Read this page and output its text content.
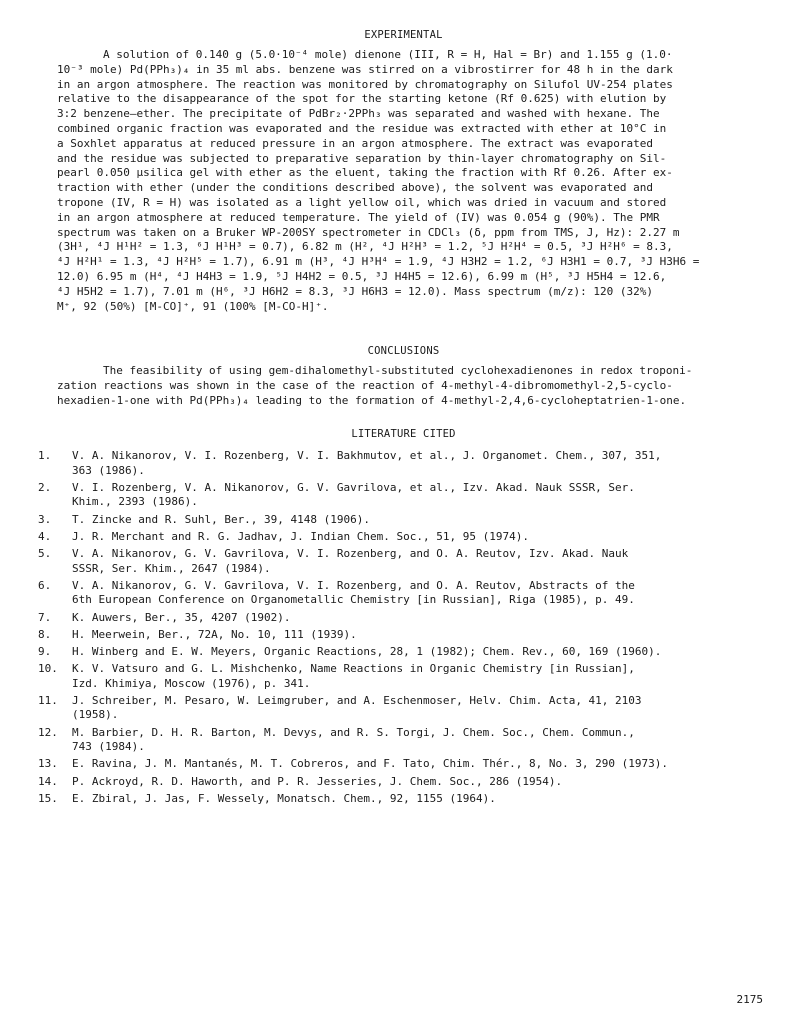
EXPERIMENTAL
A solution of 0.140 g (5.0·10⁻⁴ mole) dienone (III, R = H, Hal = Br) and 1.155 g (1.0·
10⁻³ mole) Pd(PPh₃)₄ in 35 ml abs. benzene was stirred on a vibrostirrer for 48 h in the dark
in an argon atmosphere. The reaction was monitored by chromatography on Silufol UV-254 plates
relative to the disappearance of the spot for the starting ketone (Rf 0.625) with elution by
3:2 benzene—ether. The precipitate of PdBr₂·2PPh₃ was separated and washed with hexane. The
combined organic fraction was evaporated and the residue was extracted with ether at 10°C in
a Soxhlet apparatus at reduced pressure in an argon atmosphere. The extract was evaporated
and the residue was subjected to preparative separation by thin-layer chromatography on Sil-
pearl 0.050 μsilica gel with ether as the eluent, taking the fraction with Rf 0.26. After ex-
traction with ether (under the conditions described above), the solvent was evaporated and
tropone (IV, R = H) was isolated as a light yellow oil, which was dried in vacuum and stored
in an argon atmosphere at reduced temperature. The yield of (IV) was 0.054 g (90%). The PMR
spectrum was taken on a Bruker WP-200SY spectrometer in CDCl₃ (δ, ppm from TMS, J, Hz): 2.27 m
(3H¹, ⁴J H¹H² = 1.3, ⁶J H¹H³ = 0.7), 6.82 m (H², ⁴J H²H³ = 1.2, ⁵J H²H⁴ = 0.5, ³J H²H⁶ = 8.3,
⁴J H²H¹ = 1.3, ⁴J H²H⁵ = 1.7), 6.91 m (H³, ⁴J H³H⁴ = 1.9, ⁴J H3H2 = 1.2, ⁶J H3H1 = 0.7, ³J H3H6 =
12.0) 6.95 m (H⁴, ⁴J H4H3 = 1.9, ⁵J H4H2 = 0.5, ³J H4H5 = 12.6), 6.99 m (H⁵, ³J H5H4 = 12.6,
⁴J H5H2 = 1.7), 7.01 m (H⁶, ³J H6H2 = 8.3, ³J H6H3 = 12.0). Mass spectrum (m/z): 120 (32%)
M⁺, 92 (50%) [M-CO]⁺, 91 (100% [M-CO-H]⁺.
CONCLUSIONS
The feasibility of using gem-dihalomethyl-substituted cyclohexadienones in redox troponi-
zation reactions was shown in the case of the reaction of 4-methyl-4-dibromomethyl-2,5-cyclo-
hexadien-1-one with Pd(PPh₃)₄ leading to the formation of 4-methyl-2,4,6-cycloheptatrien-1-one.
LITERATURE CITED
1.	V. A. Nikanorov, V. I. Rozenberg, V. I. Bakhmutov, et al., J. Organomet. Chem., 307, 351,
363 (1986).
2.	V. I. Rozenberg, V. A. Nikanorov, G. V. Gavrilova, et al., Izv. Akad. Nauk SSSR, Ser.
Khim., 2393 (1986).
3.	T. Zincke and R. Suhl, Ber., 39, 4148 (1906).
4.	J. R. Merchant and R. G. Jadhav, J. Indian Chem. Soc., 51, 95 (1974).
5.	V. A. Nikanorov, G. V. Gavrilova, V. I. Rozenberg, and O. A. Reutov, Izv. Akad. Nauk
SSSR, Ser. Khim., 2647 (1984).
6.	V. A. Nikanorov, G. V. Gavrilova, V. I. Rozenberg, and O. A. Reutov, Abstracts of the
6th European Conference on Organometallic Chemistry [in Russian], Riga (1985), p. 49.
7.	K. Auwers, Ber., 35, 4207 (1902).
8.	H. Meerwein, Ber., 72A, No. 10, 111 (1939).
9.	H. Winberg and E. W. Meyers, Organic Reactions, 28, 1 (1982); Chem. Rev., 60, 169 (1960).
10.	K. V. Vatsuro and G. L. Mishchenko, Name Reactions in Organic Chemistry [in Russian],
Izd. Khimiya, Moscow (1976), p. 341.
11.	J. Schreiber, M. Pesaro, W. Leimgruber, and A. Eschenmoser, Helv. Chim. Acta, 41, 2103
(1958).
12.	M. Barbier, D. H. R. Barton, M. Devys, and R. S. Torgi, J. Chem. Soc., Chem. Commun.,
743 (1984).
13.	E. Ravina, J. M. Mantanés, M. T. Cobreros, and F. Tato, Chim. Thér., 8, No. 3, 290 (1973).
14.	P. Ackroyd, R. D. Haworth, and P. R. Jesseries, J. Chem. Soc., 286 (1954).
15.	E. Zbiral, J. Jas, F. Wessely, Monatsch. Chem., 92, 1155 (1964).
2175
